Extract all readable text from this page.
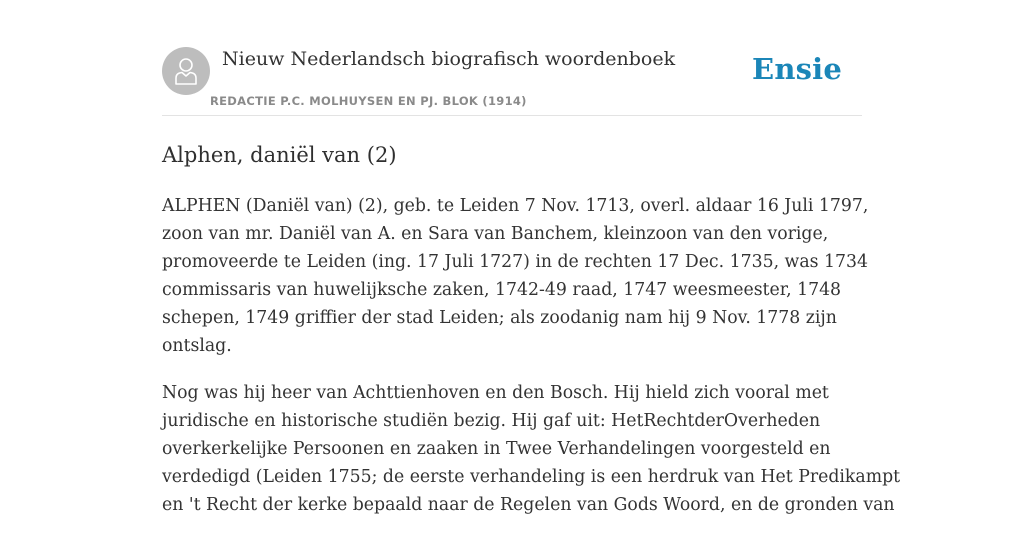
Nieuw Nederlandsch biografisch woordenboek
REDACTIE P.C. MOLHUYSEN EN PJ. BLOK (1914)
Ensie
Alphen, daniël van (2)

ALPHEN (Daniël van) (2), geb. te Leiden 7 Nov. 1713, overl. aldaar 16 Juli 1797,
zoon van mr. Daniël van A. en Sara van Banchem, kleinzoon van den vorige,
promoveerde te Leiden (ing. 17 Juli 1727) in de rechten 17 Dec. 1735, was 1734
commissaris van huwelijksche zaken, 1742-49 raad, 1747 weesmeester, 1748
schepen, 1749 griffier der stad Leiden; als zoodanig nam hij 9 Nov. 1778 zijn
ontslag.

Nog was hij heer van Achttienhoven en den Bosch. Hij hield zich vooral met
juridische en historische studiën bezig. Hij gaf uit: HetRechtderOverheden
overkerkelijke Persoonen en zaaken in Twee Verhandelingen voorgesteld en
verdedigd (Leiden 1755; de eerste verhandeling is een herdruk van Het Predikampt
en 't Recht der kerke bepaald naar de Regelen van Gods Woord, en de gronden van
